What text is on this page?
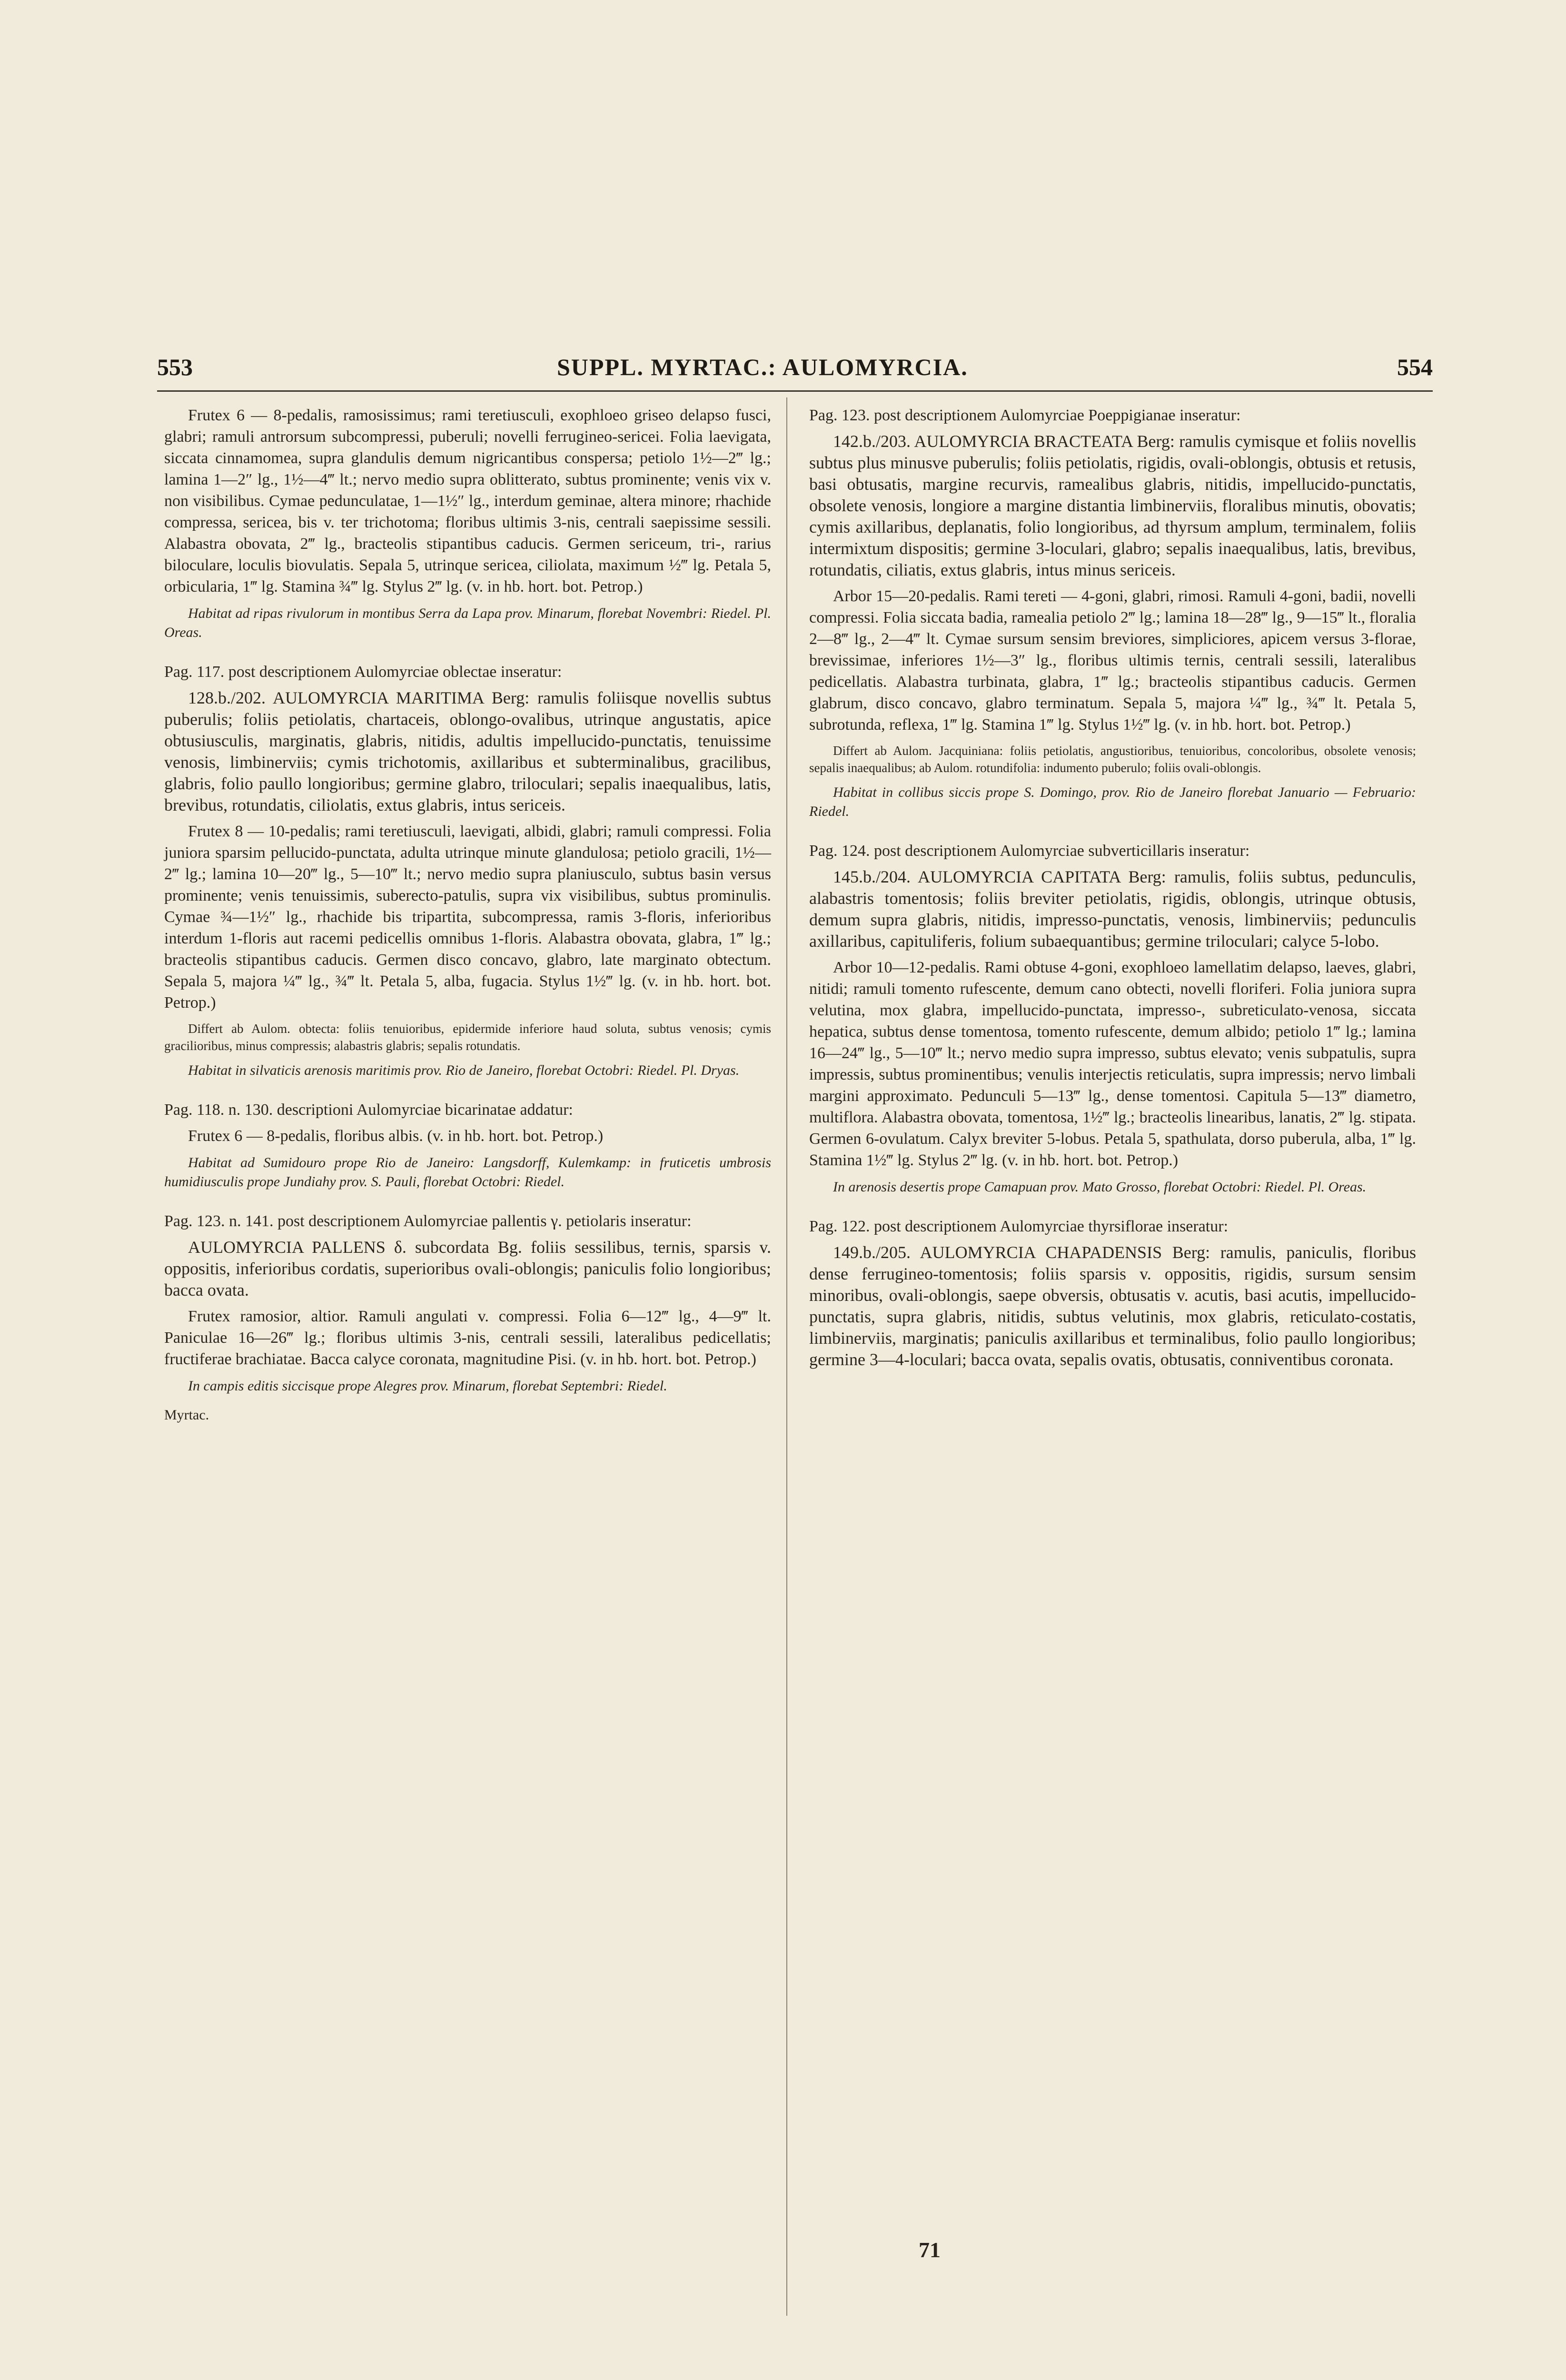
553	SUPPL. MYRTAC.: AULOMYRCIA.	554

Frutex 6 — 8-pedalis, ramosissimus; rami teretiusculi, exophloeo griseo delapso fusci, glabri; ramuli antrorsum subcompressi, puberuli; novelli ferrugineo-sericei. Folia laevigata, siccata cinnamomea, supra glandulis demum nigricantibus conspersa; petiolo 1½—2‴ lg.; lamina 1—2″ lg., 1½—4‴ lt.; nervo medio supra oblitterato, subtus prominente; venis vix v. non visibilibus. Cymae pedunculatae, 1—1½″ lg., interdum geminae, altera minore; rhachide compressa, sericea, bis v. ter trichotoma; floribus ultimis 3-nis, centrali saepissime sessili. Alabastra obovata, 2‴ lg., bracteolis stipantibus caducis. Germen sericeum, tri-, rarius biloculare, loculis biovulatis. Sepala 5, utrinque sericea, ciliolata, maximum ½‴ lg. Petala 5, orbicularia, 1‴ lg. Stamina ¾‴ lg. Stylus 2‴ lg. (v. in hb. hort. bot. Petrop.)

Habitat ad ripas rivulorum in montibus Serra da Lapa prov. Minarum, florebat Novembri: Riedel. Pl. Oreas.

Pag. 117. post descriptionem Aulomyrciae oblectae inseratur:

128.b./202. AULOMYRCIA MARITIMA Berg: ramulis foliisque novellis subtus puberulis; foliis petiolatis, chartaceis, oblongo-ovalibus, utrinque angustatis, apice obtusiusculis, marginatis, glabris, nitidis, adultis impellucido-punctatis, tenuissime venosis, limbinerviis; cymis trichotomis, axillaribus et subterminalibus, gracilibus, glabris, folio paullo longioribus; germine glabro, triloculari; sepalis inaequalibus, latis, brevibus, rotundatis, ciliolatis, extus glabris, intus sericeis.

Frutex 8 — 10-pedalis; rami teretiusculi, laevigati, albidi, glabri; ramuli compressi. Folia juniora sparsim pellucido-punctata, adulta utrinque minute glandulosa; petiolo gracili, 1½—2‴ lg.; lamina 10—20‴ lg., 5—10‴ lt.; nervo medio supra planiusculo, subtus basin versus prominente; venis tenuissimis, suberecto-patulis, supra vix visibilibus, subtus prominulis. Cymae ¾—1½″ lg., rhachide bis tripartita, subcompressa, ramis 3-floris, inferioribus interdum 1-floris aut racemi pedicellis omnibus 1-floris. Alabastra obovata, glabra, 1‴ lg.; bracteolis stipantibus caducis. Germen disco concavo, glabro, late marginato obtectum. Sepala 5, majora ¼‴ lg., ¾‴ lt. Petala 5, alba, fugacia. Stylus 1½‴ lg. (v. in hb. hort. bot. Petrop.)

Differt ab Aulom. obtecta: foliis tenuioribus, epidermide inferiore haud soluta, subtus venosis; cymis gracilioribus, minus compressis; alabastris glabris; sepalis rotundatis.

Habitat in silvaticis arenosis maritimis prov. Rio de Janeiro, florebat Octobri: Riedel. Pl. Dryas.

Pag. 118. n. 130. descriptioni Aulomyrciae bicarinatae addatur:

Frutex 6 — 8-pedalis, floribus albis. (v. in hb. hort. bot. Petrop.)

Habitat ad Sumidouro prope Rio de Janeiro: Langsdorff, Kulemkamp: in fruticetis umbrosis humidiusculis prope Jundiahy prov. S. Pauli, florebat Octobri: Riedel.

Pag. 123. n. 141. post descriptionem Aulomyrciae pallentis γ. petiolaris inseratur:

AULOMYRCIA PALLENS δ. subcordata Bg. foliis sessilibus, ternis, sparsis v. oppositis, inferioribus cordatis, superioribus ovali-oblongis; paniculis folio longioribus; bacca ovata.

Frutex ramosior, altior. Ramuli angulati v. compressi. Folia 6—12‴ lg., 4—9‴ lt. Paniculae 16—26‴ lg.; floribus ultimis 3-nis, centrali sessili, lateralibus pedicellatis; fructiferae brachiatae. Bacca calyce coronata, magnitudine Pisi. (v. in hb. hort. bot. Petrop.)

In campis editis siccisque prope Alegres prov. Minarum, florebat Septembri: Riedel.

Myrtac.

Pag. 123. post descriptionem Aulomyrciae Poeppigianae inseratur:

142.b./203. AULOMYRCIA BRACTEATA Berg: ramulis cymisque et foliis novellis subtus plus minusve puberulis; foliis petiolatis, rigidis, ovali-oblongis, obtusis et retusis, basi obtusatis, margine recurvis, ramealibus glabris, nitidis, impellucido-punctatis, obsolete venosis, longiore a margine distantia limbinerviis, floralibus minutis, obovatis; cymis axillaribus, deplanatis, folio longioribus, ad thyrsum amplum, terminalem, foliis intermixtum dispositis; germine 3-loculari, glabro; sepalis inaequalibus, latis, brevibus, rotundatis, ciliatis, extus glabris, intus minus sericeis.

Arbor 15—20-pedalis. Rami tereti — 4-goni, glabri, rimosi. Ramuli 4-goni, badii, novelli compressi. Folia siccata badia, ramealia petiolo 2‴ lg.; lamina 18—28‴ lg., 9—15‴ lt., floralia 2—8‴ lg., 2—4‴ lt. Cymae sursum sensim breviores, simpliciores, apicem versus 3-florae, brevissimae, inferiores 1½—3″ lg., floribus ultimis ternis, centrali sessili, lateralibus pedicellatis. Alabastra turbinata, glabra, 1‴ lg.; bracteolis stipantibus caducis. Germen glabrum, disco concavo, glabro terminatum. Sepala 5, majora ¼‴ lg., ¾‴ lt. Petala 5, subrotunda, reflexa, 1‴ lg. Stamina 1‴ lg. Stylus 1½‴ lg. (v. in hb. hort. bot. Petrop.)

Differt ab Aulom. Jacquiniana: foliis petiolatis, angustioribus, tenuioribus, concoloribus, obsolete venosis; sepalis inaequalibus; ab Aulom. rotundifolia: indumento puberulo; foliis ovali-oblongis.

Habitat in collibus siccis prope S. Domingo, prov. Rio de Janeiro florebat Januario — Februario: Riedel.

Pag. 124. post descriptionem Aulomyrciae subverticillaris inseratur:

145.b./204. AULOMYRCIA CAPITATA Berg: ramulis, foliis subtus, pedunculis, alabastris tomentosis; foliis breviter petiolatis, rigidis, oblongis, utrinque obtusis, demum supra glabris, nitidis, impresso-punctatis, venosis, limbinerviis; pedunculis axillaribus, capituliferis, folium subaequantibus; germine triloculari; calyce 5-lobo.

Arbor 10—12-pedalis. Rami obtuse 4-goni, exophloeo lamellatim delapso, laeves, glabri, nitidi; ramuli tomento rufescente, demum cano obtecti, novelli floriferi. Folia juniora supra velutina, mox glabra, impellucido-punctata, impresso-, subreticulato-venosa, siccata hepatica, subtus dense tomentosa, tomento rufescente, demum albido; petiolo 1‴ lg.; lamina 16—24‴ lg., 5—10‴ lt.; nervo medio supra impresso, subtus elevato; venis subpatulis, supra impressis, subtus prominentibus; venulis interjectis reticulatis, supra impressis; nervo limbali margini approximato. Pedunculi 5—13‴ lg., dense tomentosi. Capitula 5—13‴ diametro, multiflora. Alabastra obovata, tomentosa, 1½‴ lg.; bracteolis linearibus, lanatis, 2‴ lg. stipata. Germen 6-ovulatum. Calyx breviter 5-lobus. Petala 5, spathulata, dorso puberula, alba, 1‴ lg. Stamina 1½‴ lg. Stylus 2‴ lg. (v. in hb. hort. bot. Petrop.)

In arenosis desertis prope Camapuan prov. Mato Grosso, florebat Octobri: Riedel. Pl. Oreas.

Pag. 122. post descriptionem Aulomyrciae thyrsiflorae inseratur:

149.b./205. AULOMYRCIA CHAPADENSIS Berg: ramulis, paniculis, floribus dense ferrugineo-tomentosis; foliis sparsis v. oppositis, rigidis, sursum sensim minoribus, ovali-oblongis, saepe obversis, obtusatis v. acutis, basi acutis, impellucido-punctatis, supra glabris, nitidis, subtus velutinis, mox glabris, reticulato-costatis, limbinerviis, marginatis; paniculis axillaribus et terminalibus, folio paullo longioribus; germine 3—4-loculari; bacca ovata, sepalis ovatis, obtusatis, conniventibus coronata.

71
